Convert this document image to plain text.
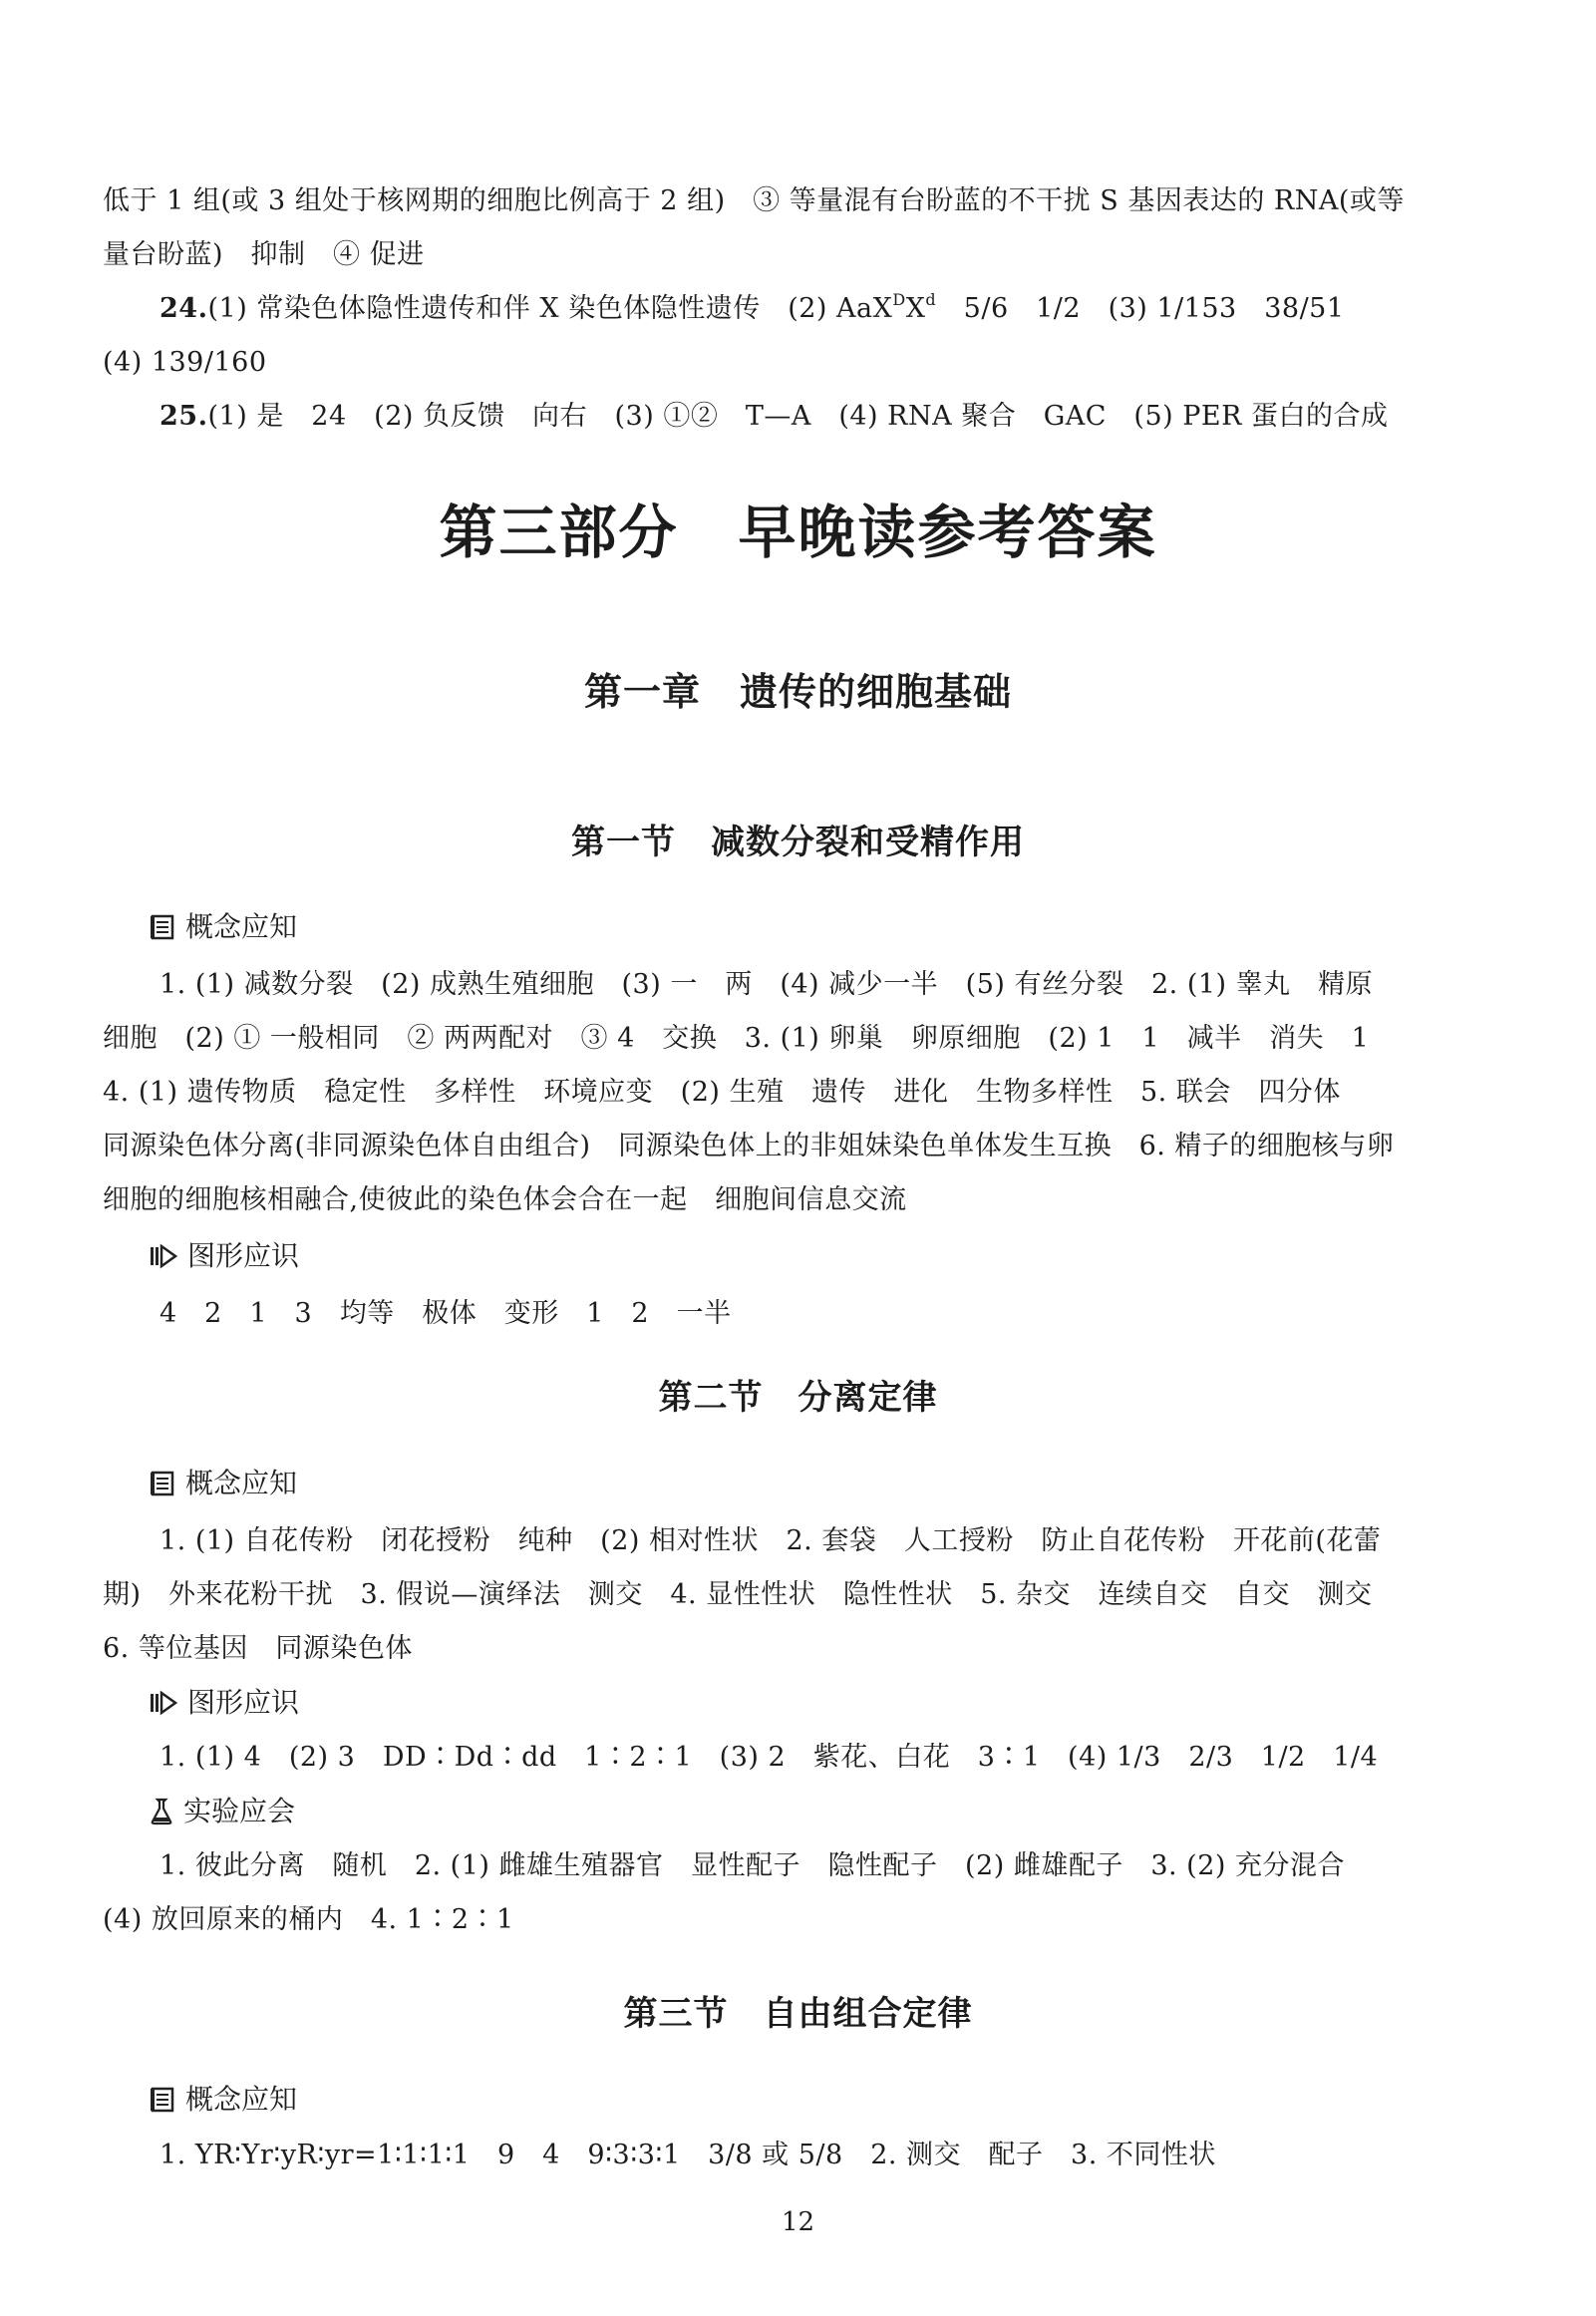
低于 1 组(或 3 组处于核网期的细胞比例高于 2 组)　③ 等量混有台盼蓝的不干扰 S 基因表达的 RNA(或等
量台盼蓝)　抑制　④ 促进
24.(1) 常染色体隐性遗传和伴 X 染色体隐性遗传　(2) $AaX^DX^d$　5/6　1/2　(3) 1/153　38/51
(4) 139/160
25.(1) 是　24　(2) 负反馈　向右　(3) ①②　T—A　(4) RNA 聚合　GAC　(5) PER 蛋白的合成
第三部分　早晚读参考答案
第一章　遗传的细胞基础
第一节　减数分裂和受精作用
概念应知
1. (1) 减数分裂　(2) 成熟生殖细胞　(3) 一　两　(4) 减少一半　(5) 有丝分裂　2. (1) 睾丸　精原
细胞　(2) ① 一般相同　② 两两配对　③ 4　交换　3. (1) 卵巢　卵原细胞　(2) 1　1　减半　消失　1
4. (1) 遗传物质　稳定性　多样性　环境应变　(2) 生殖　遗传　进化　生物多样性　5. 联会　四分体
同源染色体分离(非同源染色体自由组合)　同源染色体上的非姐妹染色单体发生互换　6. 精子的细胞核与卵
细胞的细胞核相融合,使彼此的染色体会合在一起　细胞间信息交流
图形应识
4　2　1　3　均等　极体　变形　1　2　一半
第二节　分离定律
概念应知
1. (1) 自花传粉　闭花授粉　纯种　(2) 相对性状　2. 套袋　人工授粉　防止自花传粉　开花前(花蕾
期)　外来花粉干扰　3. 假说—演绎法　测交　4. 显性性状　隐性性状　5. 杂交　连续自交　自交　测交
6. 等位基因　同源染色体
图形应识
1. (1) 4　(2) 3　DD∶Dd∶dd　1∶2∶1　(3) 2　紫花、白花　3∶1　(4) 1/3　2/3　1/2　1/4
实验应会
1. 彼此分离　随机　2. (1) 雌雄生殖器官　显性配子　隐性配子　(2) 雌雄配子　3. (2) 充分混合
(4) 放回原来的桶内　4. 1∶2∶1
第三节　自由组合定律
概念应知
1. YR∶Yr∶yR∶yr=1∶1∶1∶1　9　4　9∶3∶3∶1　3/8 或 5/8　2. 测交　配子　3. 不同性状
12
